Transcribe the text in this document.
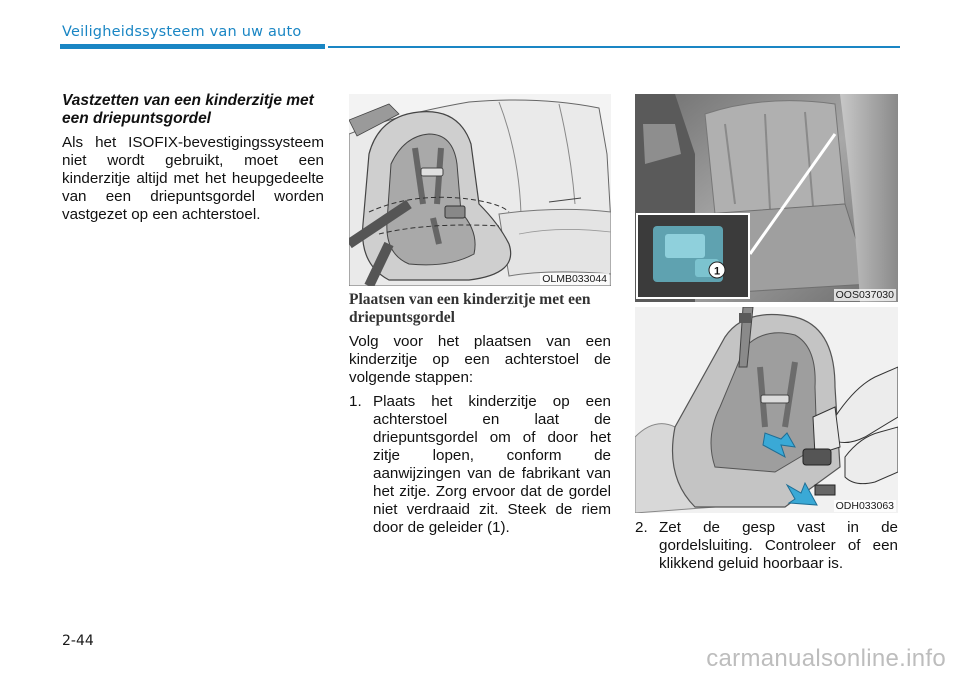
Veiligheidssysteem van uw auto
Vastzetten van een kinderzitje met een driepuntsgordel

Als het ISOFIX-bevestigingssysteem niet wordt gebruikt, moet een kinderzitje altijd met het heupgedeelte van een driepuntsgordel worden vastgezet op een achterstoel.

OLMB033044
1
OOS037030
ODH033063
Plaatsen van een kinderzitje met een driepuntsgordel

Volg voor het plaatsen van een kinderzitje op een achterstoel de volgende stappen:

1. Plaats het kinderzitje op een achterstoel en laat de driepuntsgordel om of door het zitje lopen, conform de aanwijzingen van de fabrikant van het zitje. Zorg ervoor dat de gordel niet verdraaid zit. Steek de riem door de geleider (1).	2. Zet de gesp vast in de gordelsluiting. Controleer of een klikkend geluid hoorbaar is.
2-44
carmanualsonline.info
